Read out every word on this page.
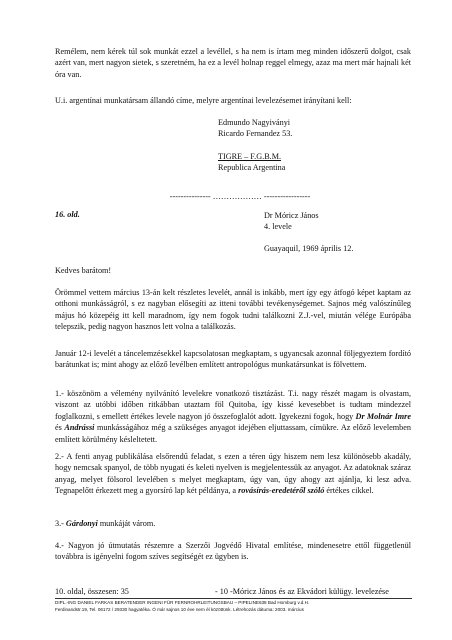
Remélem, nem kérek túl sok munkát ezzel a levéllel, s ha nem is írtam meg minden időszerű dolgot, csak azért van, mert nagyon sietek, s szeretném, ha ez a levél holnap reggel elmegy, azaz ma mert már hajnali két óra van.

U.i. argentínai munkatársam állandó címe, melyre argentínai levelezésemet irányítani kell:

Edmundo Nagyiványi
Ricardo Fernandez 53.
TIGRE – F.G.B.M.
Republica Argentina
--------------- ……………… -----------------
16. old.	Dr Móricz János
4. levele
Guayaquil, 1969 április 12.
Kedves barátom!

Örömmel vettem március 13-án kelt részletes levelét, annál is inkább, mert így egy átfogó képet kaptam az otthoni munkásságról, s ez nagyban elősegíti az itteni további tevékenységemet. Sajnos még valószínűleg május hó közepéig itt kell maradnom, így nem fogok tudni találkozni Z.J.-vel, miután vélége Európába telepszik, pedig nagyon hasznos lett volna a találkozás.

Január 12-i levelét a táncelemzésekkel kapcsolatosan megkaptam, s ugyancsak azonnal följegyeztem fordító barátunkat is; mint ahogy az előző levélben említett antropológus munkatársunkat is fölvettem.

1.- köszönöm a vélemény nyilvánító levelekre vonatkozó tisztázást. T.i. nagy részét magam is olvastam, viszont az utóbbi időben ritkábban utaztam föl Quitoba, így kissé kevesebbet is tudtam mindezzel foglalkozni, s emellett értékes levele nagyon jó összefoglalót adott. Igyekezni fogok, hogy Dr Molnár Imre és Andrássi munkásságához még a szükséges anyagot idejében eljuttassam, címükre. Az előző levelemben említett körülmény késleltetett.

2.- A fenti anyag publikálása elsőrendű feladat, s ezen a téren úgy hiszem nem lesz különösebb akadály, hogy nemcsak spanyol, de több nyugati és keleti nyelven is megjelentessük az anyagot. Az adatoknak száraz anyag, melyet fölsorol levelében s melyet megkaptam, úgy van, úgy ahogy azt ajánlja, ki lesz adva. Tegnapelőtt érkezett meg a gyorsíró lap két példánya, a rovásírás-eredetéről szóló értékes cikkel.

3.- Gárdonyi munkáját várom.

4.- Nagyon jó útmutatás részemre a Szerzői Jogvédő Hivatal említése, mindenesetre ettől függetlenül továbbra is igényelni fogom szíves segítségét ez ügyben is.

10. oldal, összesen: 35	- 10 -Móricz János és az Ekvádori külügy. levelezése
DIPL.-ING DANIEL FARKAS BERATENDER INGENI FÜR FERNROHRLEITUNGSBAU – PIPELINE638 Bad Homburg v.d.H.
Ferdinandstr.19, Tel. 06172 / 29330 hagyatéka. Ó már sajnos 10 éve nem él közöttünk. Létrehozás dátuma: 2003. március
